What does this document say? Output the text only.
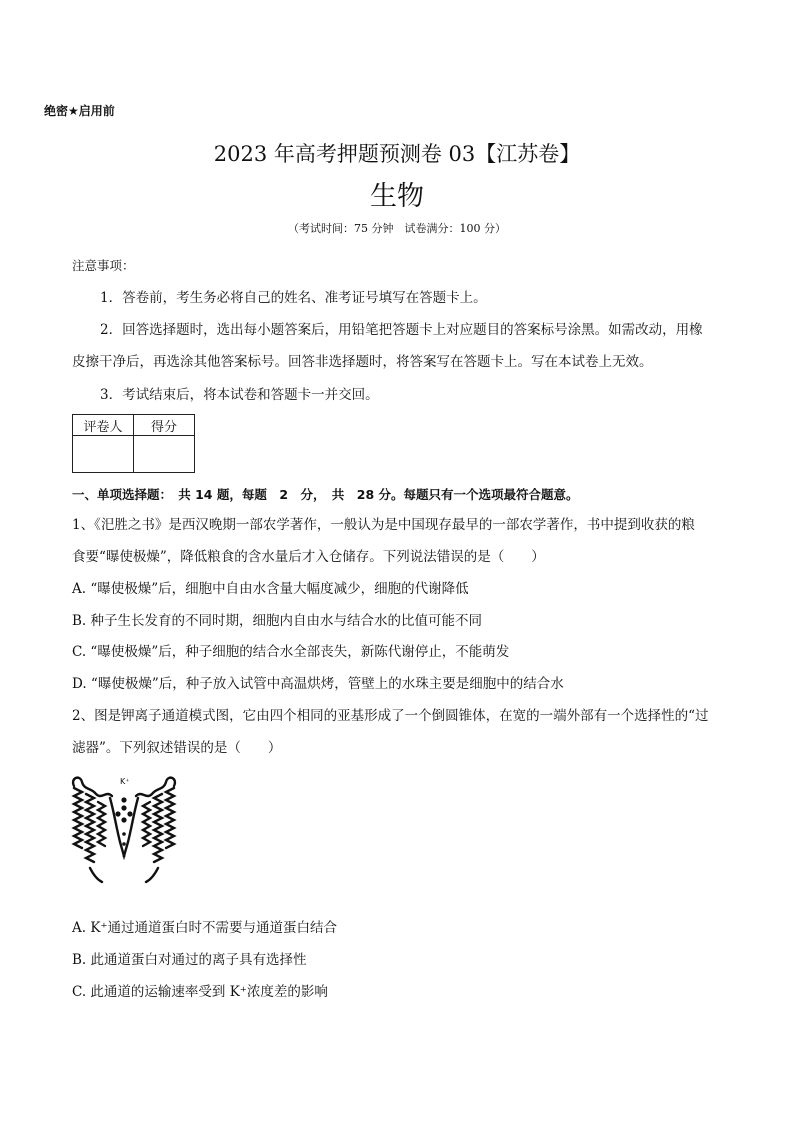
绝密★启用前
2023 年高考押题预测卷 03【江苏卷】
生物
（考试时间：75 分钟　试卷满分：100 分）
注意事项：
1．答卷前，考生务必将自己的姓名、准考证号填写在答题卡上。
2．回答选择题时，选出每小题答案后，用铅笔把答题卡上对应题目的答案标号涂黑。如需改动，用橡
皮擦干净后，再选涂其他答案标号。回答非选择题时，将答案写在答题卡上。写在本试卷上无效。
3．考试结束后，将本试卷和答题卡一并交回。
评卷人	得分

一、单项选择题：　共 14 题，每题　2　分，　共　28 分。每题只有一个选项最符合题意。
1、《汜胜之书》是西汉晚期一部农学著作，一般认为是中国现存最早的一部农学著作，书中提到收获的粮
食要“曝使极燥”，降低粮食的含水量后才入仓储存。下列说法错误的是（　　）
A. “曝使极燥”后，细胞中自由水含量大幅度减少，细胞的代谢降低
B. 种子生长发育的不同时期，细胞内自由水与结合水的比值可能不同
C. “曝使极燥”后，种子细胞的结合水全部丧失，新陈代谢停止，不能萌发
D. “曝使极燥”后，种子放入试管中高温烘烤，管壁上的水珠主要是细胞中的结合水
2、图是钾离子通道模式图，它由四个相同的亚基形成了一个倒圆锥体，在宽的一端外部有一个选择性的“过
滤器”。下列叙述错误的是（　　）
K⁺
A. K⁺通过通道蛋白时不需要与通道蛋白结合
B. 此通道蛋白对通过的离子具有选择性
C. 此通道的运输速率受到 K⁺浓度差的影响
